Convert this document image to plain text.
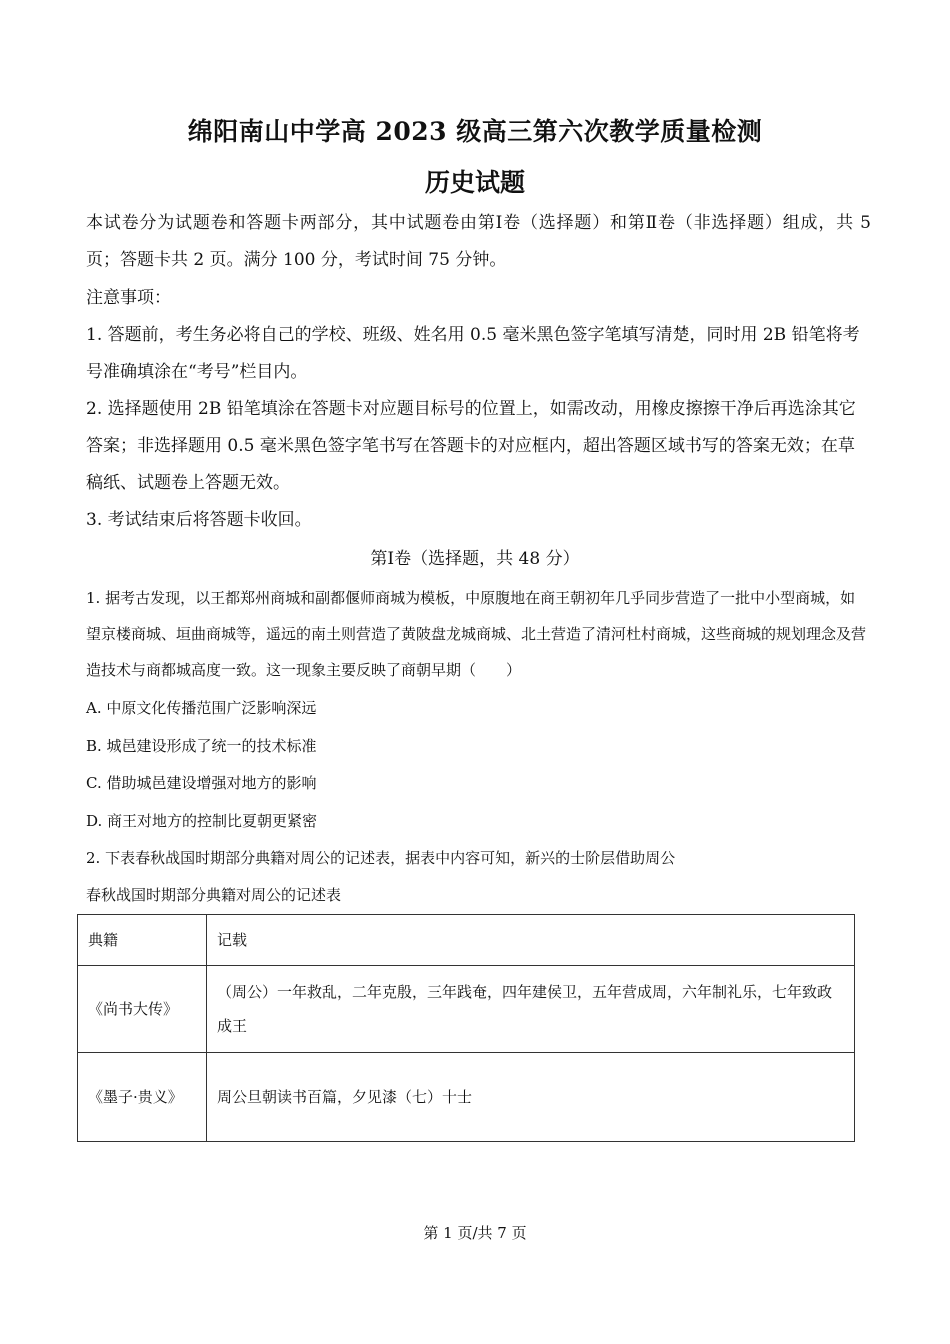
绵阳南山中学高 2023 级高三第六次教学质量检测
历史试题
本试卷分为试题卷和答题卡两部分，其中试题卷由第Ⅰ卷（选择题）和第Ⅱ卷（非选择题）组成，共 5 页；答题卡共 2 页。满分 100 分，考试时间 75 分钟。
注意事项：
1. 答题前，考生务必将自己的学校、班级、姓名用 0.5 毫米黑色签字笔填写清楚，同时用 2B 铅笔将考号准确填涂在“考号”栏目内。
2. 选择题使用 2B 铅笔填涂在答题卡对应题目标号的位置上，如需改动，用橡皮擦擦干净后再选涂其它答案；非选择题用 0.5 毫米黑色签字笔书写在答题卡的对应框内，超出答题区域书写的答案无效；在草稿纸、试题卷上答题无效。
3. 考试结束后将答题卡收回。
第Ⅰ卷（选择题，共 48 分）
1. 据考古发现，以王都郑州商城和副都偃师商城为模板，中原腹地在商王朝初年几乎同步营造了一批中小型商城，如望京楼商城、垣曲商城等，遥远的南土则营造了黄陂盘龙城商城、北土营造了清河杜村商城，这些商城的规划理念及营造技术与商都城高度一致。这一现象主要反映了商朝早期（　　）
A. 中原文化传播范围广泛影响深远
B. 城邑建设形成了统一的技术标准
C. 借助城邑建设增强对地方的影响
D. 商王对地方的控制比夏朝更紧密
2. 下表春秋战国时期部分典籍对周公的记述表，据表中内容可知，新兴的士阶层借助周公
春秋战国时期部分典籍对周公的记述表
典籍	记载
《尚书大传》	（周公）一年救乱，二年克殷，三年践奄，四年建侯卫，五年营成周，六年制礼乐，七年致政成王
《墨子·贵义》	周公旦朝读书百篇，夕见漆（七）十士
第 1 页/共 7 页
